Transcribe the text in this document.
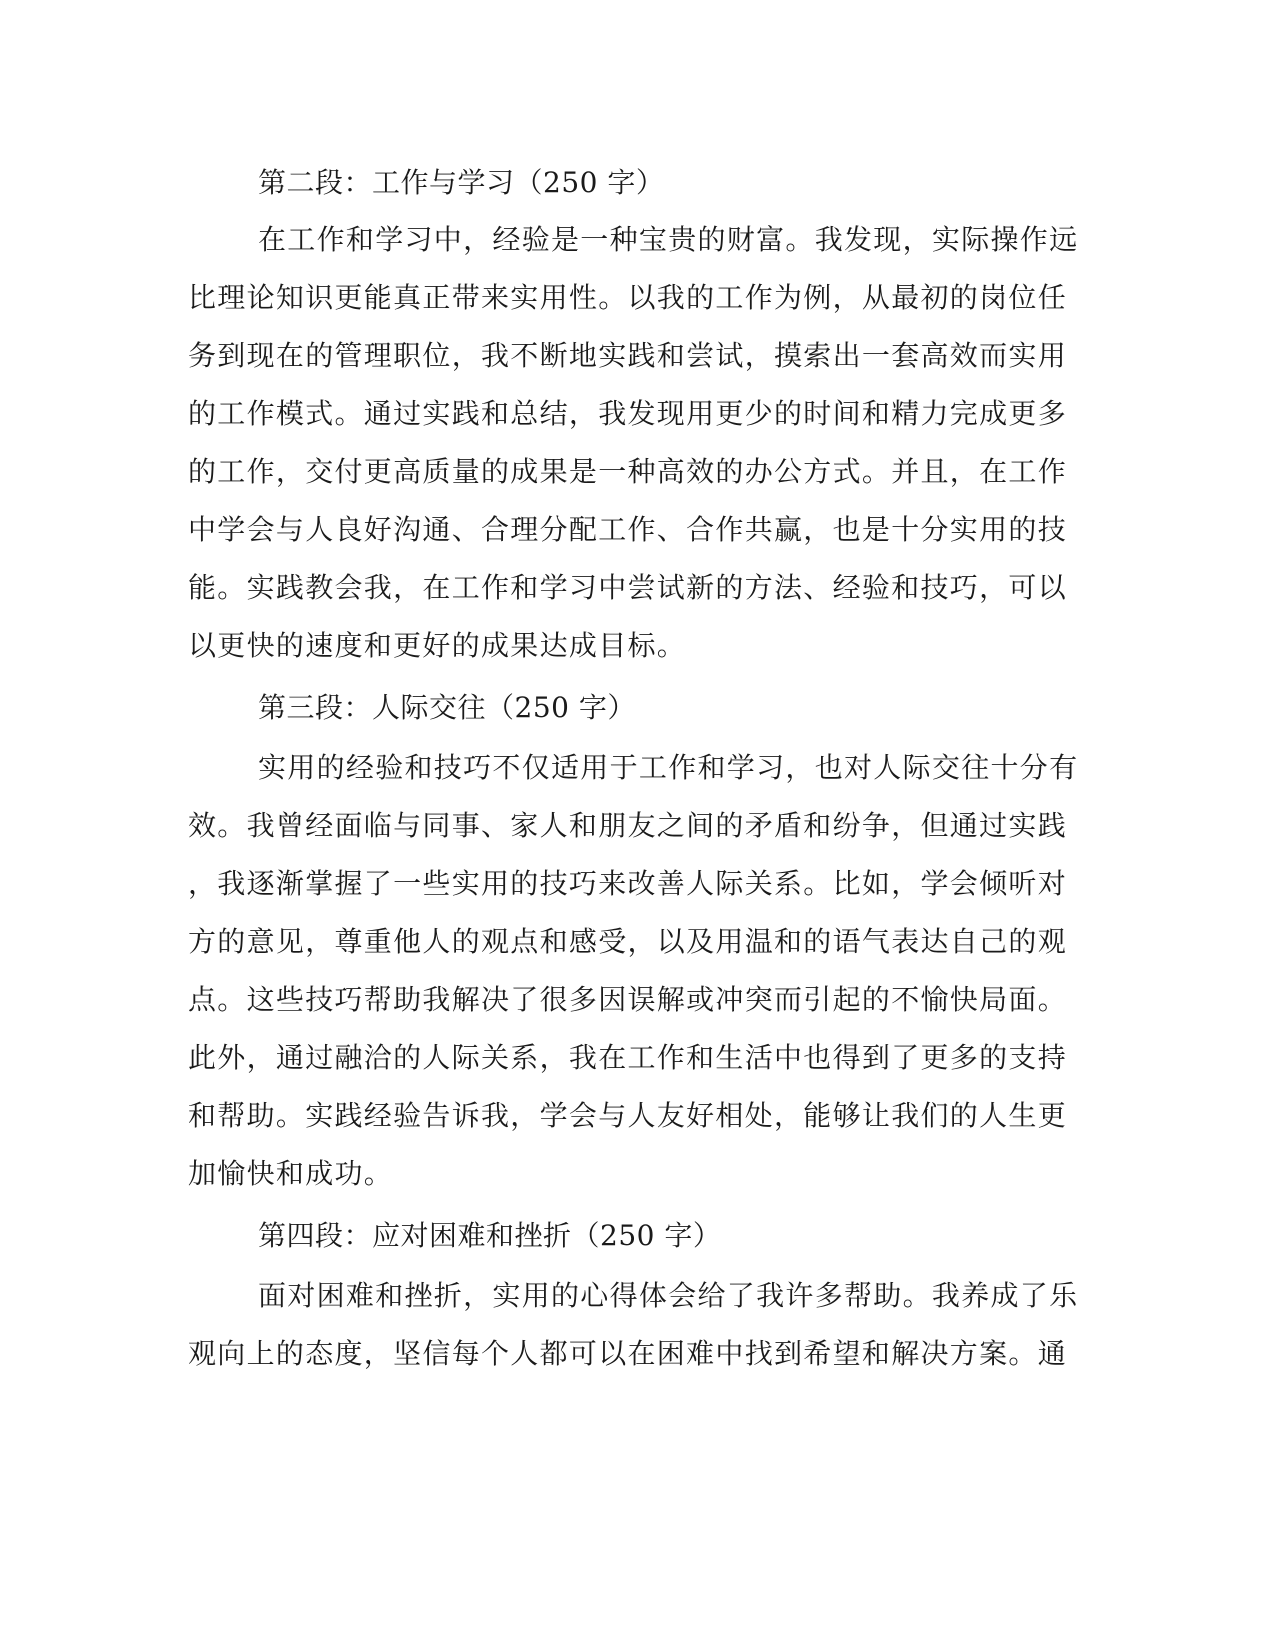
第二段：工作与学习（250 字）
在工作和学习中，经验是一种宝贵的财富。我发现，实际操作远
比理论知识更能真正带来实用性。以我的工作为例，从最初的岗位任
务到现在的管理职位，我不断地实践和尝试，摸索出一套高效而实用
的工作模式。通过实践和总结，我发现用更少的时间和精力完成更多
的工作，交付更高质量的成果是一种高效的办公方式。并且，在工作
中学会与人良好沟通、合理分配工作、合作共赢，也是十分实用的技
能。实践教会我，在工作和学习中尝试新的方法、经验和技巧，可以
以更快的速度和更好的成果达成目标。
第三段：人际交往（250 字）
实用的经验和技巧不仅适用于工作和学习，也对人际交往十分有
效。我曾经面临与同事、家人和朋友之间的矛盾和纷争，但通过实践
，我逐渐掌握了一些实用的技巧来改善人际关系。比如，学会倾听对
方的意见，尊重他人的观点和感受，以及用温和的语气表达自己的观
点。这些技巧帮助我解决了很多因误解或冲突而引起的不愉快局面。
此外，通过融洽的人际关系，我在工作和生活中也得到了更多的支持
和帮助。实践经验告诉我，学会与人友好相处，能够让我们的人生更
加愉快和成功。
第四段：应对困难和挫折（250 字）
面对困难和挫折，实用的心得体会给了我许多帮助。我养成了乐
观向上的态度，坚信每个人都可以在困难中找到希望和解决方案。通
